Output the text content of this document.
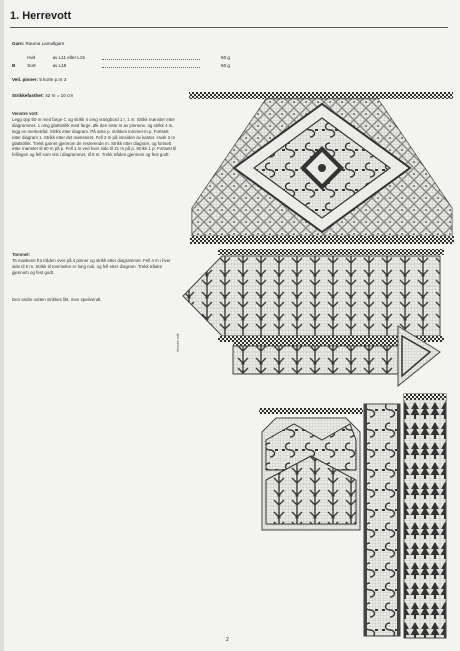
1. Herrevott
Garn: Rauma Lamullgarn
Hvit	av L11 eller L15	50 g
B	Sort	av L15	50 g
Veil. pinner: 5 korte p.nr 3
Strikkefasthet: 42 m = 10 cm
Venstre vott:
Legg opp 60 m med farge C og strikk 4 omg vrangbord 1 r, 1 vr. Strikk mønster etter diagrammet. 1 omg glattstrikk med farge. Øk den siste m av pinnene, og strikk 4 m, legg en merketråd. Strikk etter diagram. På siste p. strikkes tommel-m.p. Fortsett etter diagram 1. Strikk etter det mønsteret. Fell 2 m på innsiden av kantet. Husk 2 m glattstrikk. Trekk garnet gjennom de resterende m. Strikk etter diagram, og fortsett etter mønster til 60 m på p. Fell 1 m ved hver side til 21 m på p. Strikk 1 p. Fortsett til fellingen og fell som vist i diagrammet, til 8 m. Trekk tråden gjennom og fest godt.
Tommel:
Ta maskene fra tråden over på 4 pinner og strikk etter diagrammet. Fell 4 m i hver side til 8 m. Strikk til tommelen er lang nok, og fell etter diagram. Trekk tråden gjennom og fest godt.
Den andre votten strikkes likt, men speilvendt.
Venstre vott
2
